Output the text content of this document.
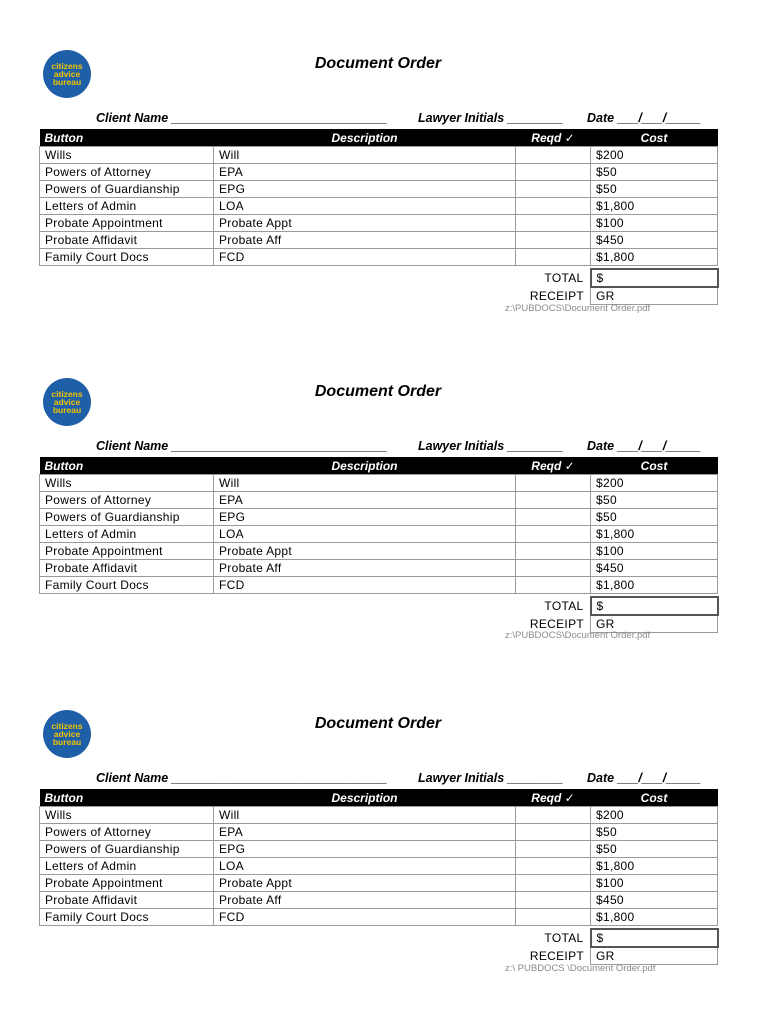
citizens
advice
bureau
Document Order
Client Name _______________________________ Lawyer Initials ________ Date ___/___/_____
Button	Description	Reqd ✓	Cost
Wills	Will		$200
Powers of Attorney	EPA		$50
Powers of Guardianship	EPG		$50
Letters of Admin	LOA		$1,800
Probate Appointment	Probate Appt		$100
Probate Affidavit	Probate Aff		$450
Family Court Docs	FCD		$1,800

		TOTAL	$
		RECEIPT	GR
z:\PUBDOCS\Document Order.pdf
citizens
advice
bureau
Document Order
Client Name _______________________________ Lawyer Initials ________ Date ___/___/_____
Button	Description	Reqd ✓	Cost
Wills	Will		$200
Powers of Attorney	EPA		$50
Powers of Guardianship	EPG		$50
Letters of Admin	LOA		$1,800
Probate Appointment	Probate Appt		$100
Probate Affidavit	Probate Aff		$450
Family Court Docs	FCD		$1,800

		TOTAL	$
		RECEIPT	GR
z:\PUBDOCS\Document Order.pdf
citizens
advice
bureau
Document Order
Client Name _______________________________ Lawyer Initials ________ Date ___/___/_____
Button	Description	Reqd ✓	Cost
Wills	Will		$200
Powers of Attorney	EPA		$50
Powers of Guardianship	EPG		$50
Letters of Admin	LOA		$1,800
Probate Appointment	Probate Appt		$100
Probate Affidavit	Probate Aff		$450
Family Court Docs	FCD		$1,800

		TOTAL	$
		RECEIPT	GR
z:\ PUBDOCS \Document Order.pdf
